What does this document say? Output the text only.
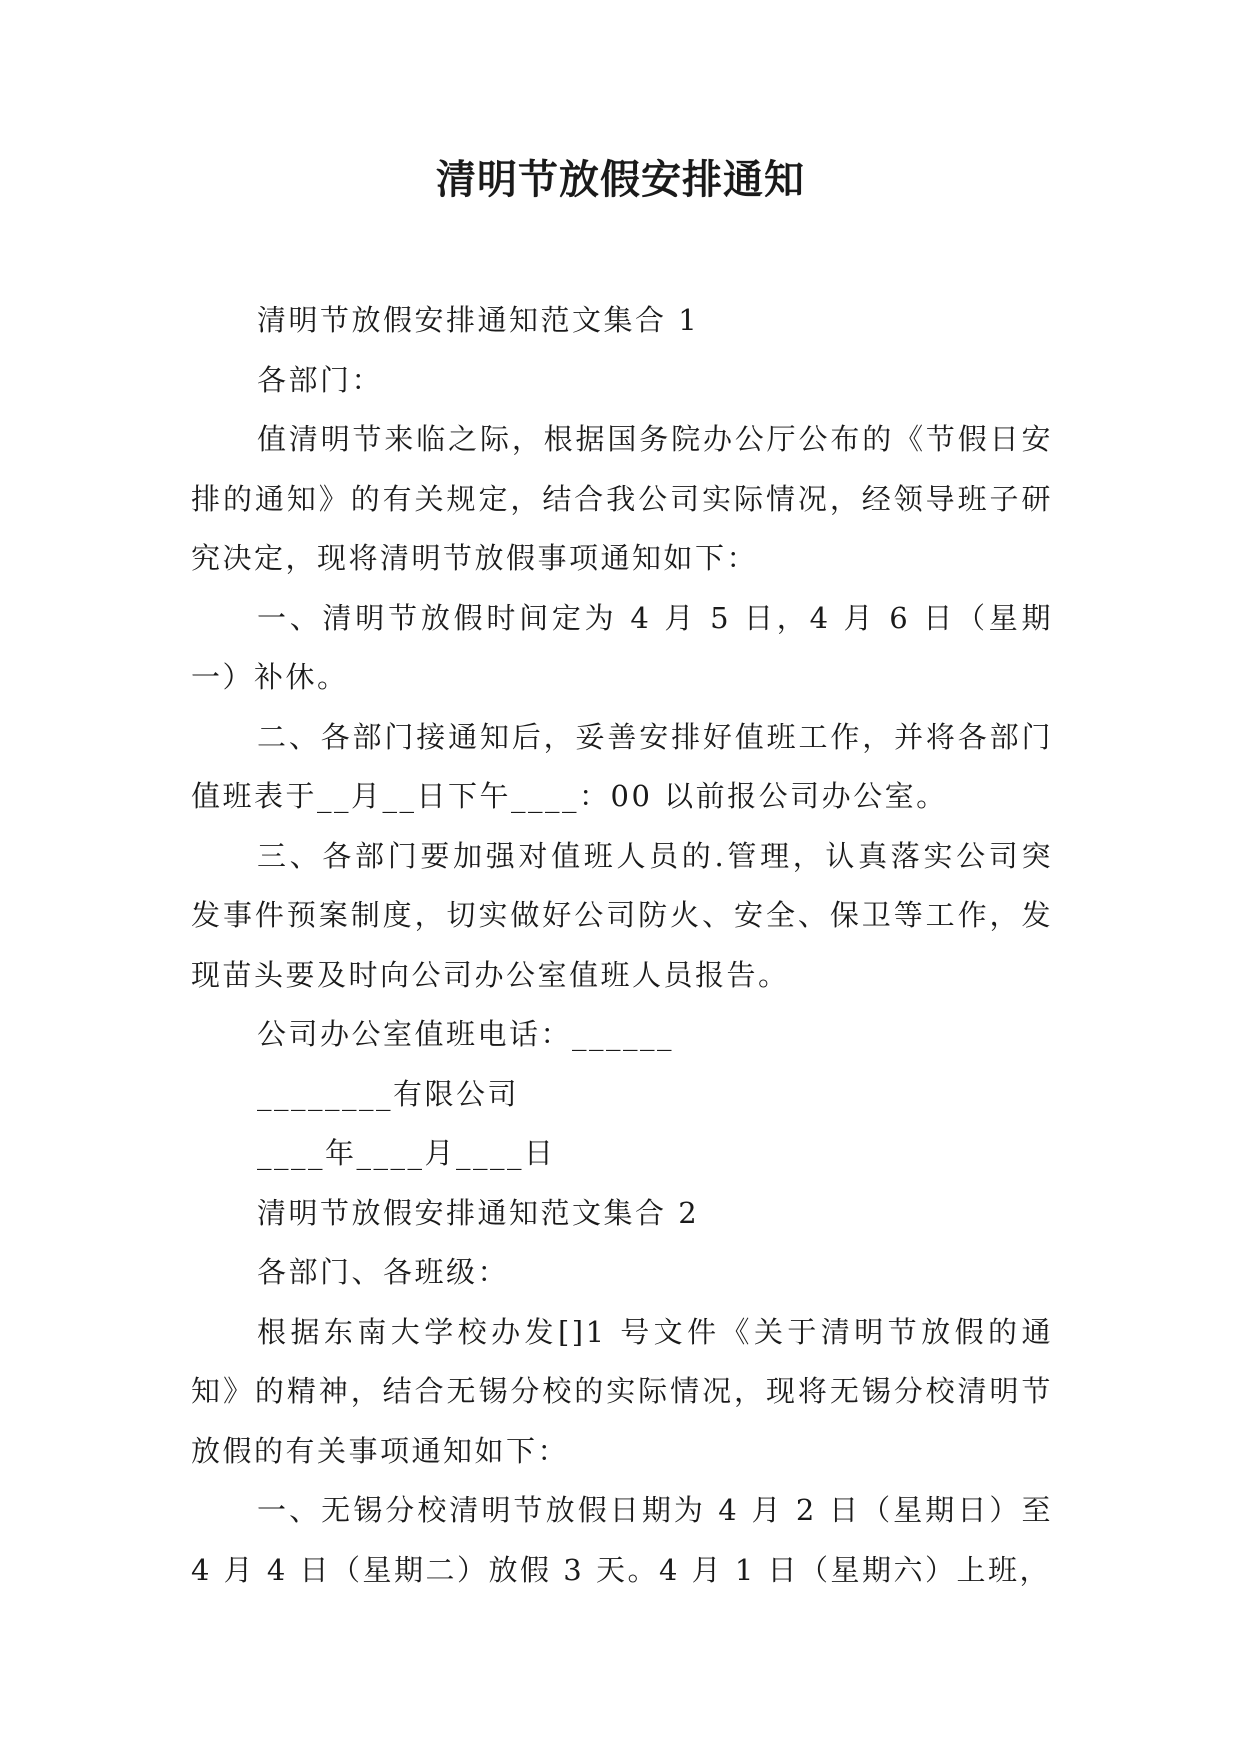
清明节放假安排通知

清明节放假安排通知范文集合 1

各部门：

值清明节来临之际，根据国务院办公厅公布的《节假日安排的通知》的有关规定，结合我公司实际情况，经领导班子研究决定，现将清明节放假事项通知如下：

一、清明节放假时间定为 4 月 5 日，4 月 6 日（星期一）补休。

二、各部门接通知后，妥善安排好值班工作，并将各部门值班表于__月__日下午____：00 以前报公司办公室。

三、各部门要加强对值班人员的.管理，认真落实公司突发事件预案制度，切实做好公司防火、安全、保卫等工作，发现苗头要及时向公司办公室值班人员报告。

公司办公室值班电话：______

________有限公司

____年____月____日

清明节放假安排通知范文集合 2

各部门、各班级：

根据东南大学校办发[]1 号文件《关于清明节放假的通知》的精神，结合无锡分校的实际情况，现将无锡分校清明节放假的有关事项通知如下：

一、无锡分校清明节放假日期为 4 月 2 日（星期日）至 4 月 4 日（星期二）放假 3 天。4 月 1 日（星期六）上班，
